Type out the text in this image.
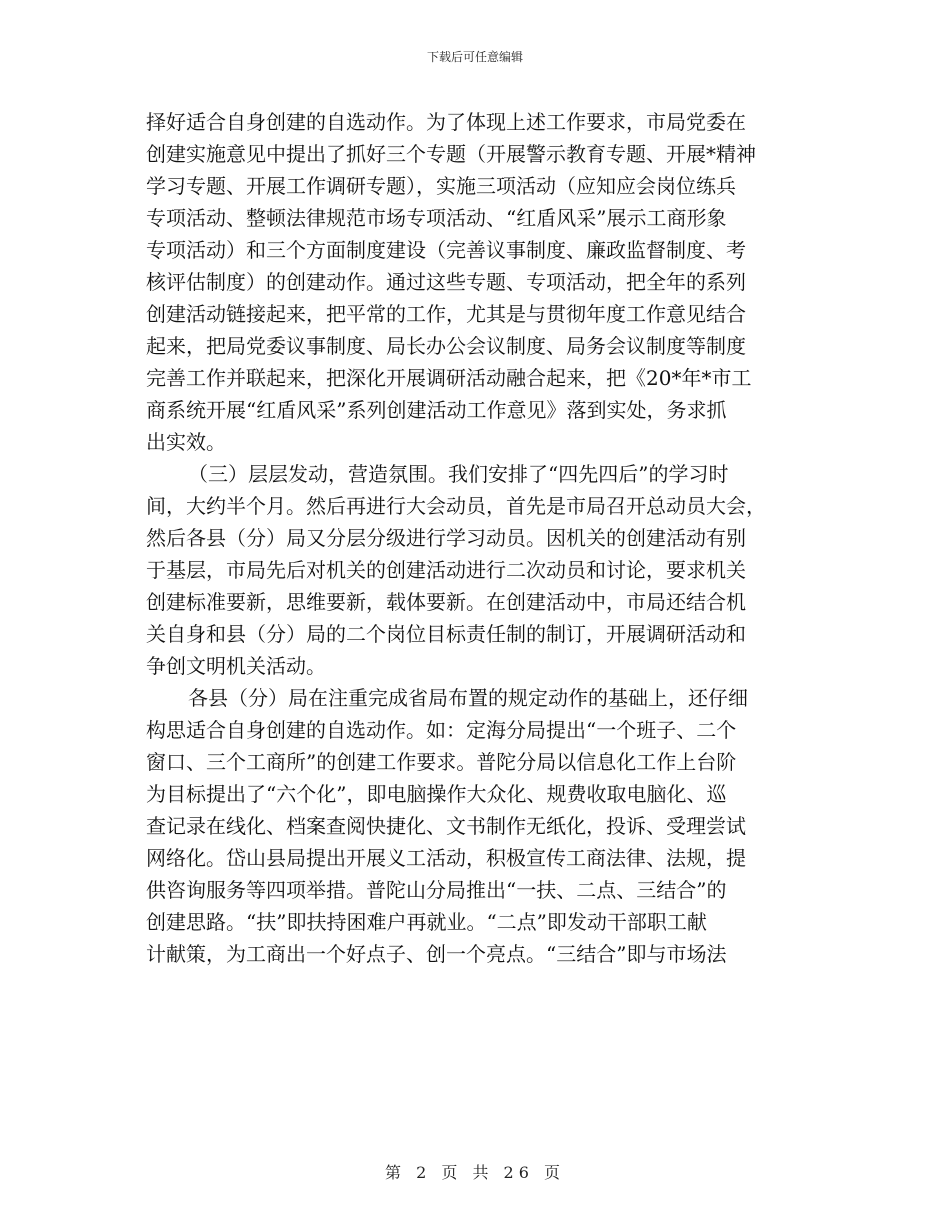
下载后可任意编辑
择好适合自身创建的自选动作。为了体现上述工作要求，市局党委在
创建实施意见中提出了抓好三个专题（开展警示教育专题、开展*精神
学习专题、开展工作调研专题），实施三项活动（应知应会岗位练兵
专项活动、整顿法律规范市场专项活动、“红盾风采”展示工商形象
专项活动）和三个方面制度建设（完善议事制度、廉政监督制度、考
核评估制度）的创建动作。通过这些专题、专项活动，把全年的系列
创建活动链接起来，把平常的工作，尤其是与贯彻年度工作意见结合
起来，把局党委议事制度、局长办公会议制度、局务会议制度等制度
完善工作并联起来，把深化开展调研活动融合起来，把《20*年*市工
商系统开展“红盾风采”系列创建活动工作意见》落到实处，务求抓
出实效。
（三）层层发动，营造氛围。我们安排了“四先四后”的学习时
间，大约半个月。然后再进行大会动员，首先是市局召开总动员大会，
然后各县（分）局又分层分级进行学习动员。因机关的创建活动有别
于基层，市局先后对机关的创建活动进行二次动员和讨论，要求机关
创建标准要新，思维要新，载体要新。在创建活动中，市局还结合机
关自身和县（分）局的二个岗位目标责任制的制订，开展调研活动和
争创文明机关活动。
各县（分）局在注重完成省局布置的规定动作的基础上，还仔细
构思适合自身创建的自选动作。如：定海分局提出“一个班子、二个
窗口、三个工商所”的创建工作要求。普陀分局以信息化工作上台阶
为目标提出了“六个化”，即电脑操作大众化、规费收取电脑化、巡
查记录在线化、档案查阅快捷化、文书制作无纸化，投诉、受理尝试
网络化。岱山县局提出开展义工活动，积极宣传工商法律、法规，提
供咨询服务等四项举措。普陀山分局推出“一扶、二点、三结合”的
创建思路。“扶”即扶持困难户再就业。“二点”即发动干部职工献
计献策，为工商出一个好点子、创一个亮点。“三结合”即与市场法
第 2 页 共 26 页
